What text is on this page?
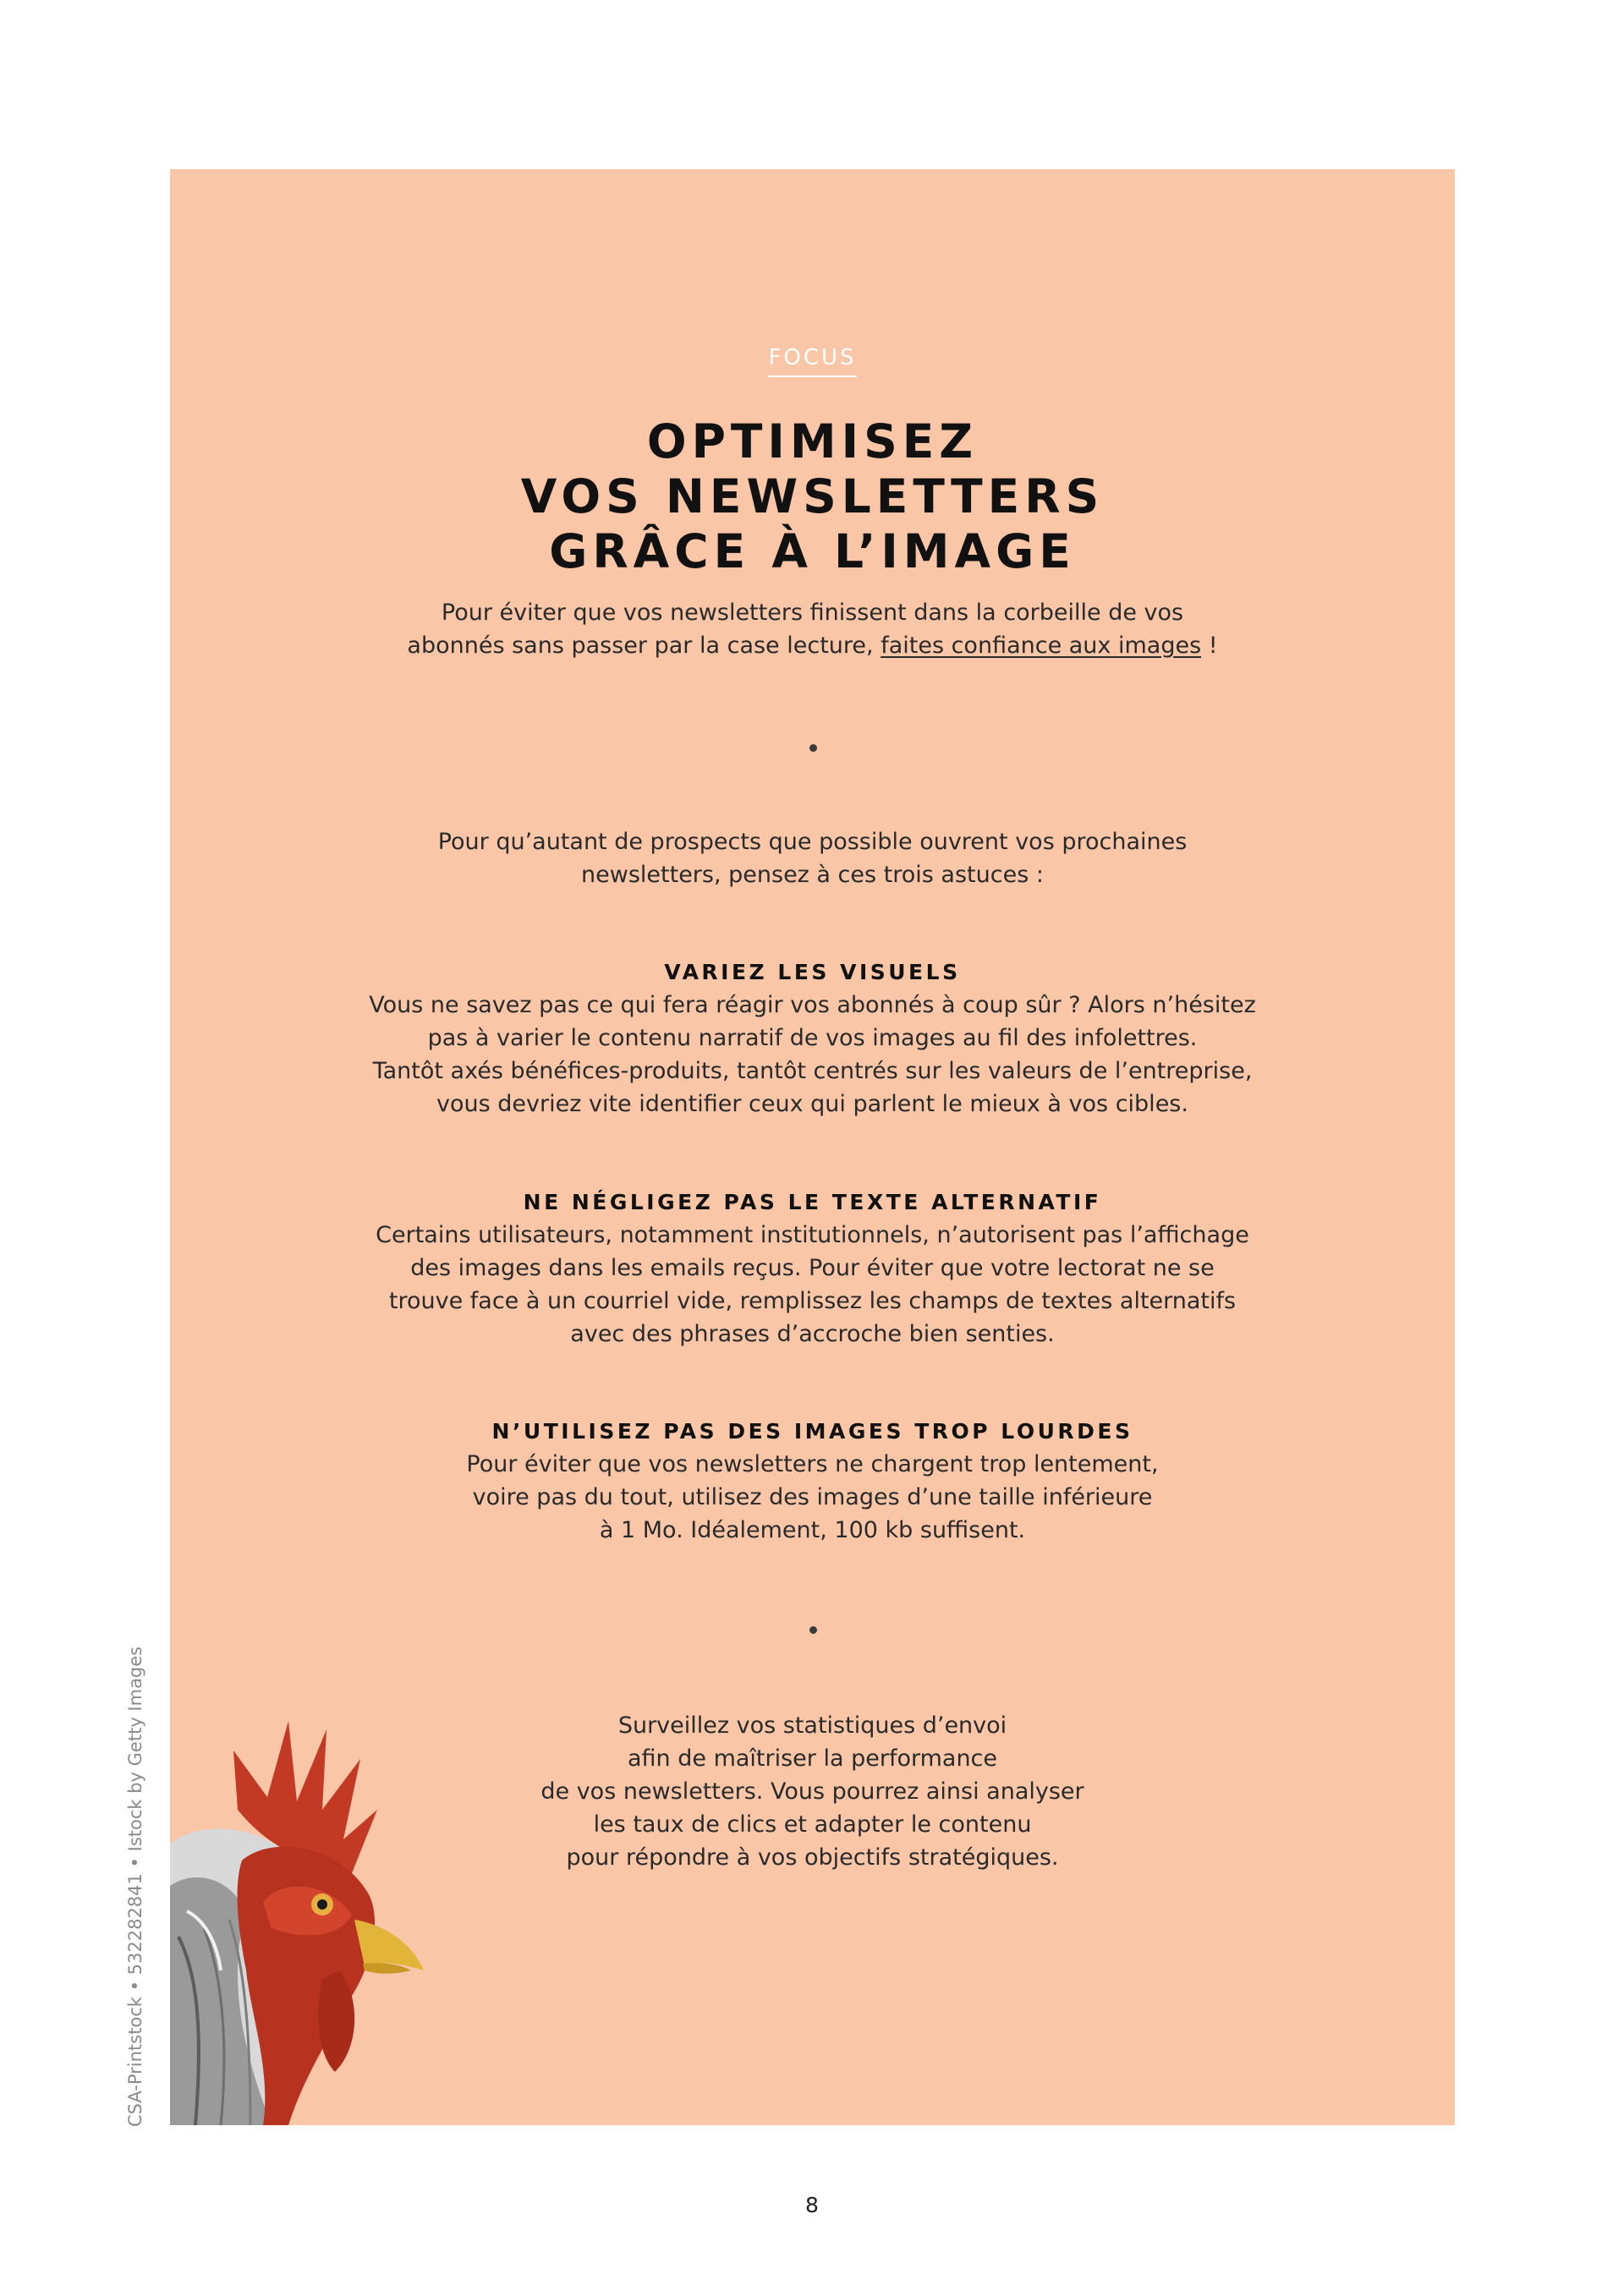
FOCUS
OPTIMISEZ
VOS NEWSLETTERS
GRÂCE À L’IMAGE
Pour éviter que vos newsletters finissent dans la corbeille de vos
abonnés sans passer par la case lecture, faites confiance aux images !
Pour qu’autant de prospects que possible ouvrent vos prochaines
newsletters, pensez à ces trois astuces :
VARIEZ LES VISUELS
Vous ne savez pas ce qui fera réagir vos abonnés à coup sûr ? Alors n’hésitez
pas à varier le contenu narratif de vos images au fil des infolettres.
Tantôt axés bénéfices-produits, tantôt centrés sur les valeurs de l’entreprise,
vous devriez vite identifier ceux qui parlent le mieux à vos cibles.
NE NÉGLIGEZ PAS LE TEXTE ALTERNATIF
Certains utilisateurs, notamment institutionnels, n’autorisent pas l’affichage
des images dans les emails reçus. Pour éviter que votre lectorat ne se
trouve face à un courriel vide, remplissez les champs de textes alternatifs
avec des phrases d’accroche bien senties.
N’UTILISEZ PAS DES IMAGES TROP LOURDES
Pour éviter que vos newsletters ne chargent trop lentement,
voire pas du tout, utilisez des images d’une taille inférieure
à 1 Mo. Idéalement, 100 kb suffisent.
Surveillez vos statistiques d’envoi
afin de maîtriser la performance
de vos newsletters. Vous pourrez ainsi analyser
les taux de clics et adapter le contenu
pour répondre à vos objectifs stratégiques.
CSA-Printstock • 532282841 • Istock by Getty Images
8
